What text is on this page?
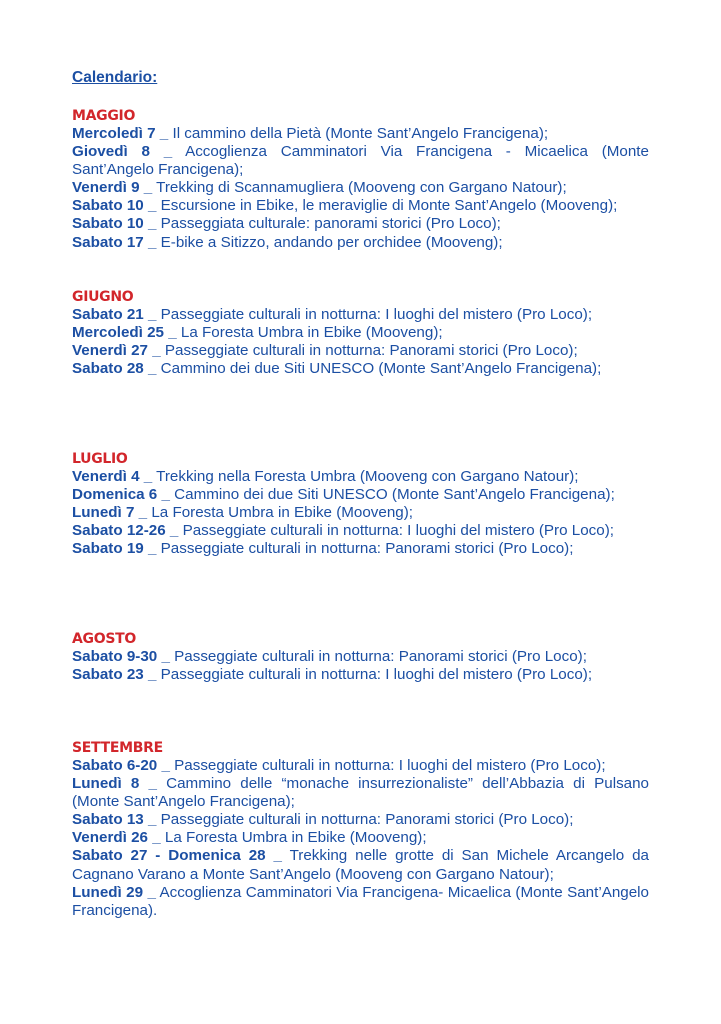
Calendario:
MAGGIO
Mercoledì 7 _ Il cammino della Pietà (Monte Sant’Angelo Francigena);
Giovedì 8 _ Accoglienza Camminatori Via Francigena - Micaelica (Monte Sant’Angelo Francigena);
Venerdì 9 _ Trekking di Scannamugliera (Mooveng con Gargano Natour);
Sabato 10 _ Escursione in Ebike, le meraviglie di Monte Sant’Angelo (Mooveng);
Sabato 10 _ Passeggiata culturale: panorami storici (Pro Loco);
Sabato 17 _ E-bike a Sitizzo, andando per orchidee (Mooveng);
GIUGNO
Sabato 21 _ Passeggiate culturali in notturna: I luoghi del mistero (Pro Loco);
Mercoledì 25 _ La Foresta Umbra in Ebike (Mooveng);
Venerdì 27 _ Passeggiate culturali in notturna: Panorami storici (Pro Loco);
Sabato 28 _ Cammino dei due Siti UNESCO (Monte Sant’Angelo Francigena);
LUGLIO
Venerdì 4 _ Trekking nella Foresta Umbra (Mooveng con Gargano Natour);
Domenica 6 _ Cammino dei due Siti UNESCO (Monte Sant’Angelo Francigena);
Lunedì 7 _ La Foresta Umbra in Ebike (Mooveng);
Sabato 12-26 _ Passeggiate culturali in notturna: I luoghi del mistero (Pro Loco);
Sabato 19 _ Passeggiate culturali in notturna: Panorami storici (Pro Loco);
AGOSTO
Sabato 9-30 _ Passeggiate culturali in notturna: Panorami storici (Pro Loco);
Sabato 23 _ Passeggiate culturali in notturna: I luoghi del mistero (Pro Loco);
SETTEMBRE
Sabato 6-20 _ Passeggiate culturali in notturna: I luoghi del mistero (Pro Loco);
Lunedì 8 _ Cammino delle “monache insurrezionaliste” dell’Abbazia di Pulsano (Monte Sant’Angelo Francigena);
Sabato 13 _ Passeggiate culturali in notturna: Panorami storici (Pro Loco);
Venerdì 26 _ La Foresta Umbra in Ebike (Mooveng);
Sabato 27 - Domenica 28 _ Trekking nelle grotte di San Michele Arcangelo da Cagnano Varano a Monte Sant’Angelo (Mooveng con Gargano Natour);
Lunedì 29 _ Accoglienza Camminatori Via Francigena- Micaelica (Monte Sant’Angelo Francigena).
